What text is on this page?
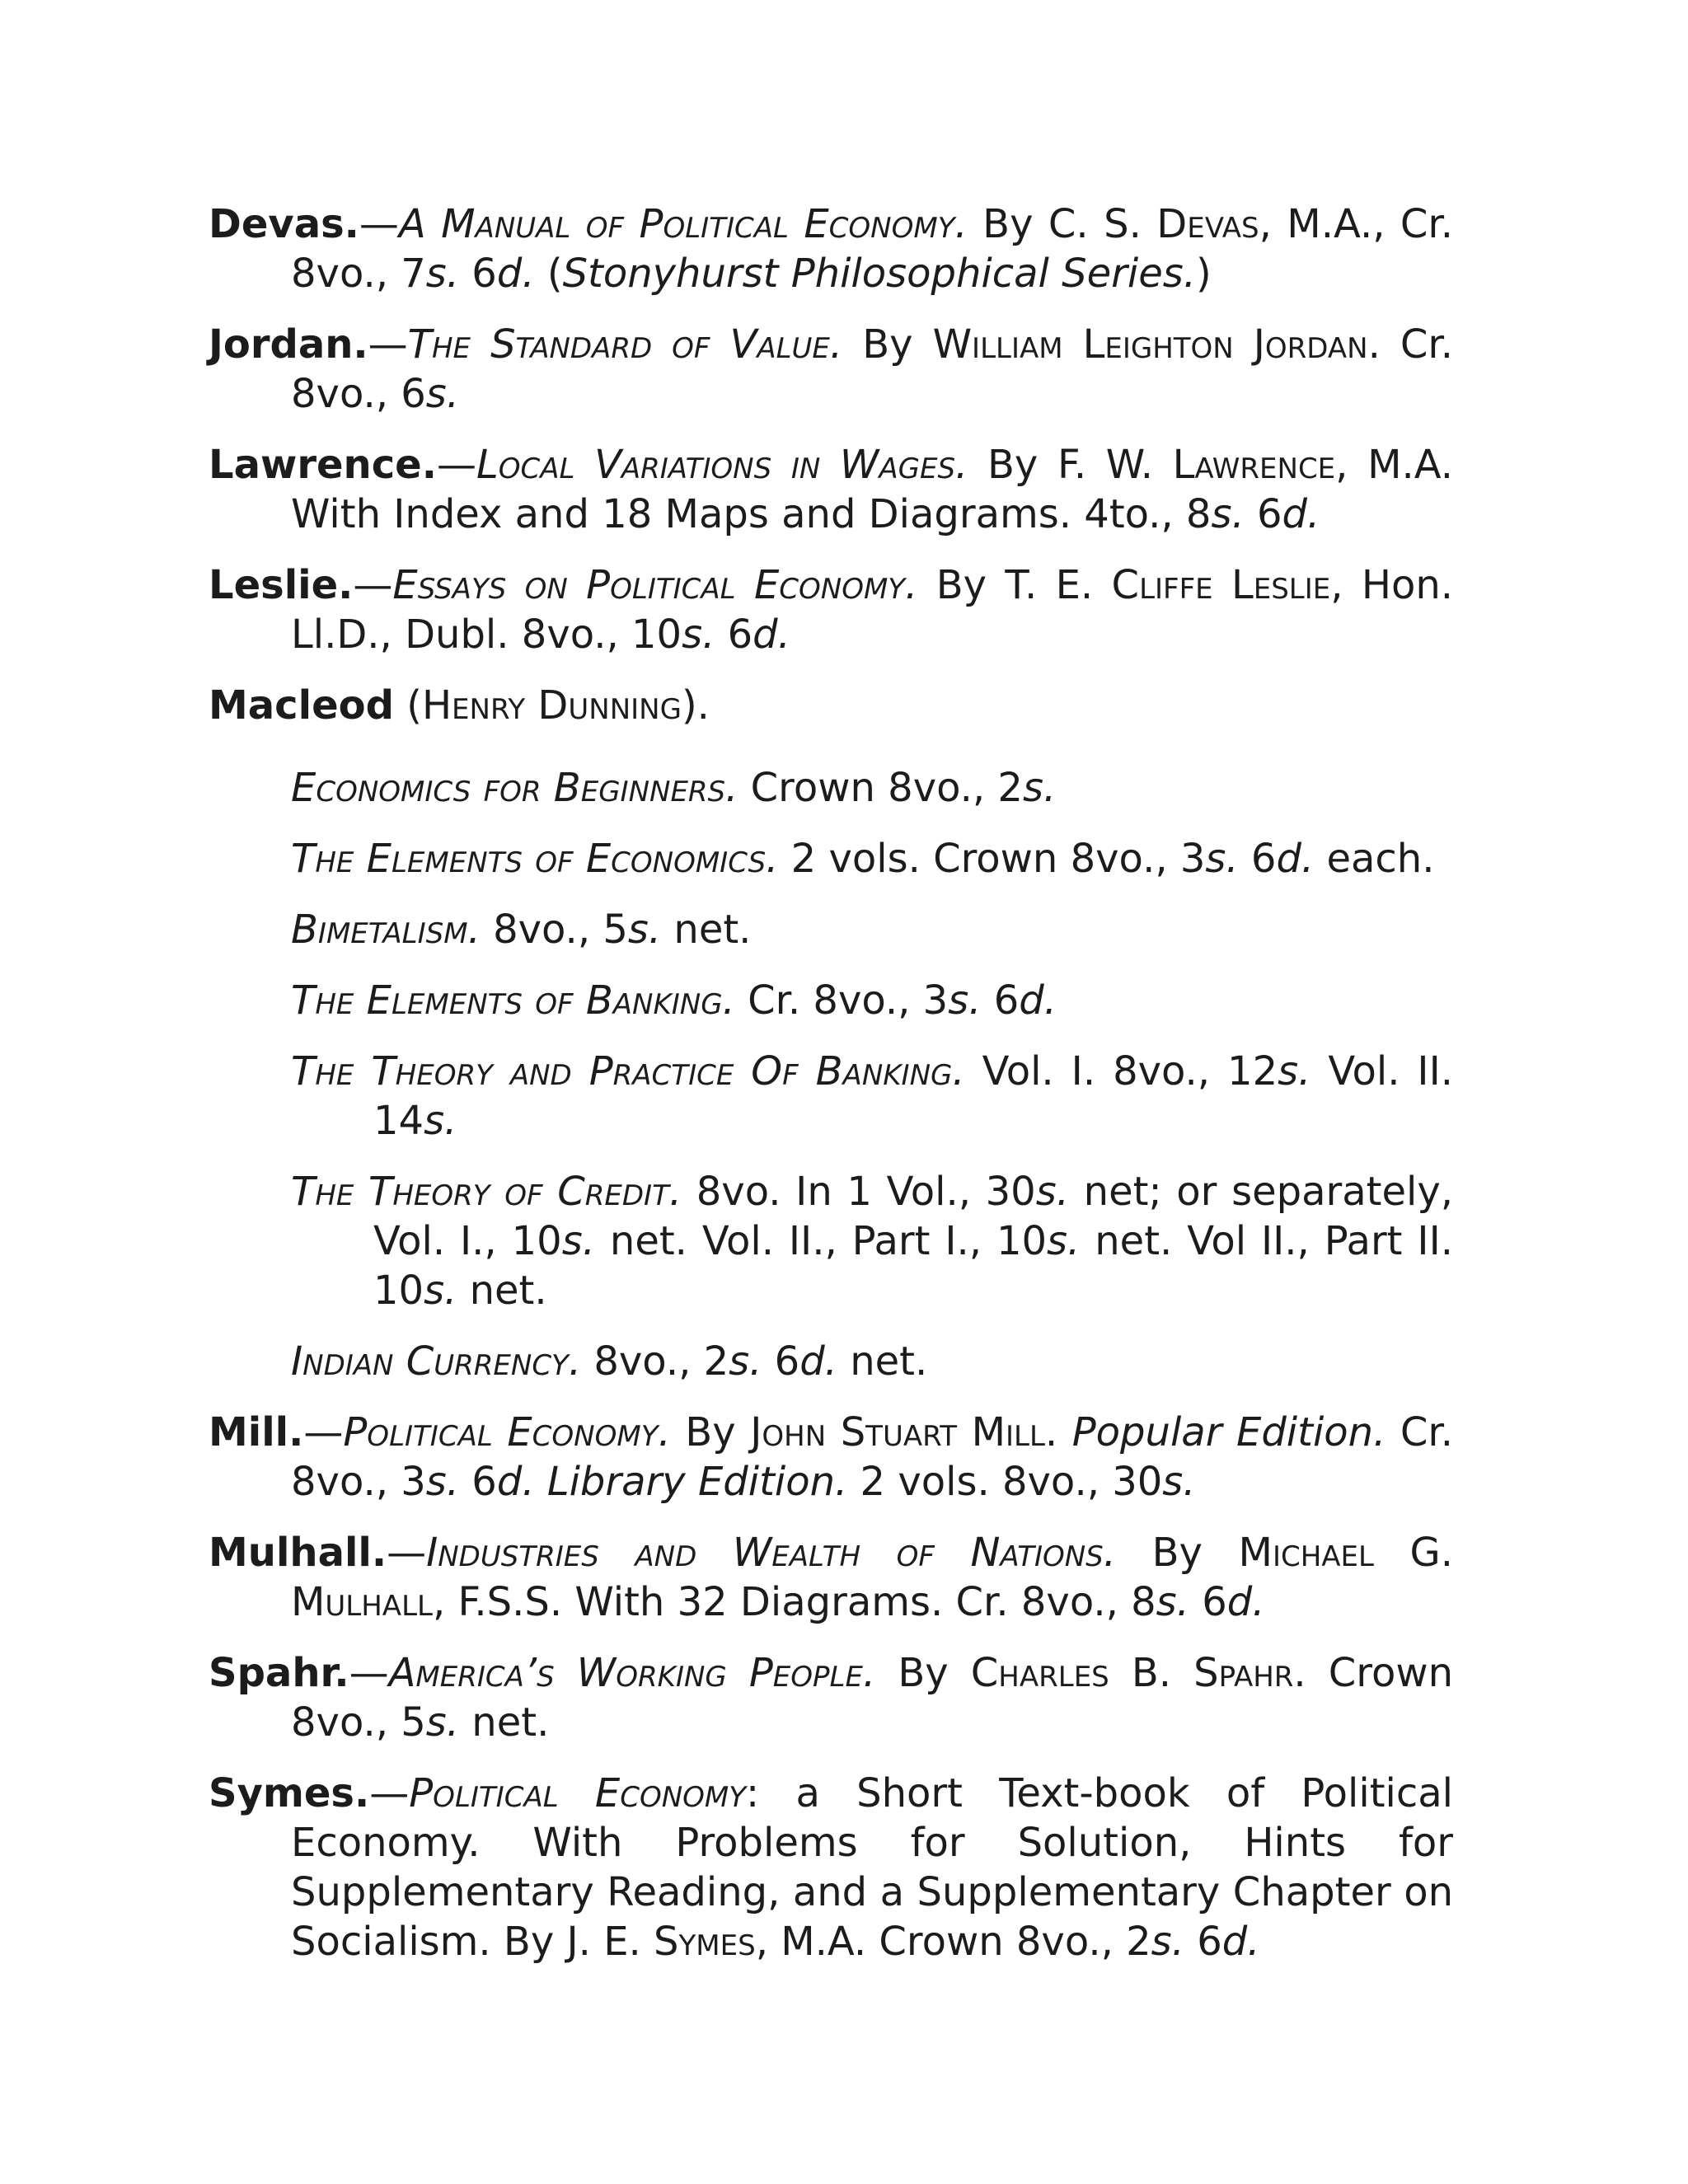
Devas.—A Manual of Political Economy. By C. S. Devas, M.A., Cr. 8vo., 7s. 6d. (Stonyhurst Philosophical Series.)

Jordan.—The Standard of Value. By William Leighton Jordan. Cr. 8vo., 6s.

Lawrence.—Local Variations in Wages. By F. W. Lawrence, M.A. With Index and 18 Maps and Diagrams. 4to., 8s. 6d.

Leslie.—Essays on Political Economy. By T. E. Cliffe Leslie, Hon. Ll.D., Dubl. 8vo., 10s. 6d.

Macleod (Henry Dunning).

Economics for Beginners. Crown 8vo., 2s.

The Elements of Economics. 2 vols. Crown 8vo., 3s. 6d. each.

Bimetalism. 8vo., 5s. net.

The Elements of Banking. Cr. 8vo., 3s. 6d.

The Theory and Practice Of Banking. Vol. I. 8vo., 12s. Vol. II. 14s.

The Theory of Credit. 8vo. In 1 Vol., 30s. net; or separately, Vol. I., 10s. net. Vol. II., Part I., 10s. net. Vol II., Part II. 10s. net.

Indian Currency. 8vo., 2s. 6d. net.

Mill.—Political Economy. By John Stuart Mill. Popular Edition. Cr. 8vo., 3s. 6d. Library Edition. 2 vols. 8vo., 30s.

Mulhall.—Industries and Wealth of Nations. By Michael G. Mulhall, F.S.S. With 32 Diagrams. Cr. 8vo., 8s. 6d.

Spahr.—America’s Working People. By Charles B. Spahr. Crown 8vo., 5s. net.

Symes.—Political Economy: a Short Text-book of Political Economy. With Problems for Solution, Hints for Supplementary Reading, and a Supplementary Chapter on Socialism. By J. E. Symes, M.A. Crown 8vo., 2s. 6d.
